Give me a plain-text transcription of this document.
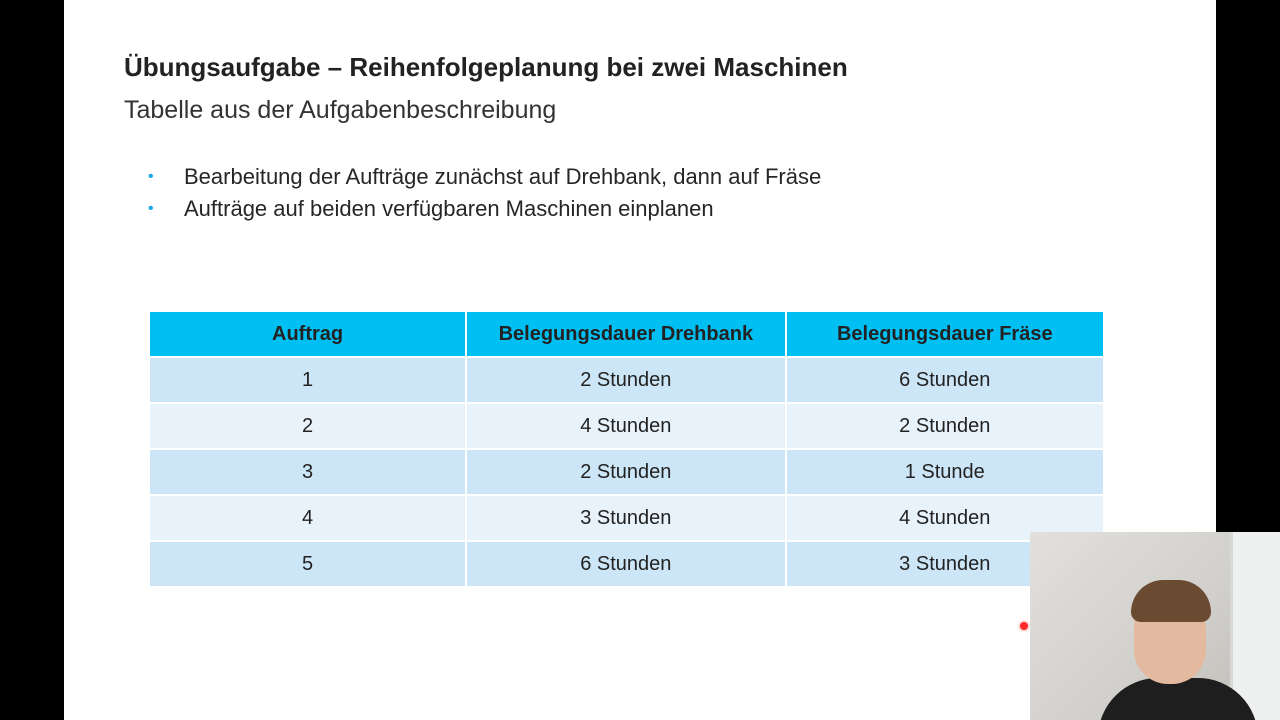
Übungsaufgabe – Reihenfolgeplanung bei zwei Maschinen
Tabelle aus der Aufgabenbeschreibung
• Bearbeitung der Aufträge zunächst auf Drehbank, dann auf Fräse
• Aufträge auf beiden verfügbaren Maschinen einplanen
Auftrag	Belegungsdauer Drehbank	Belegungsdauer Fräse
1	2 Stunden	6 Stunden
2	4 Stunden	2 Stunden
3	2 Stunden	1 Stunde
4	3 Stunden	4 Stunden
5	6 Stunden	3 Stunden
